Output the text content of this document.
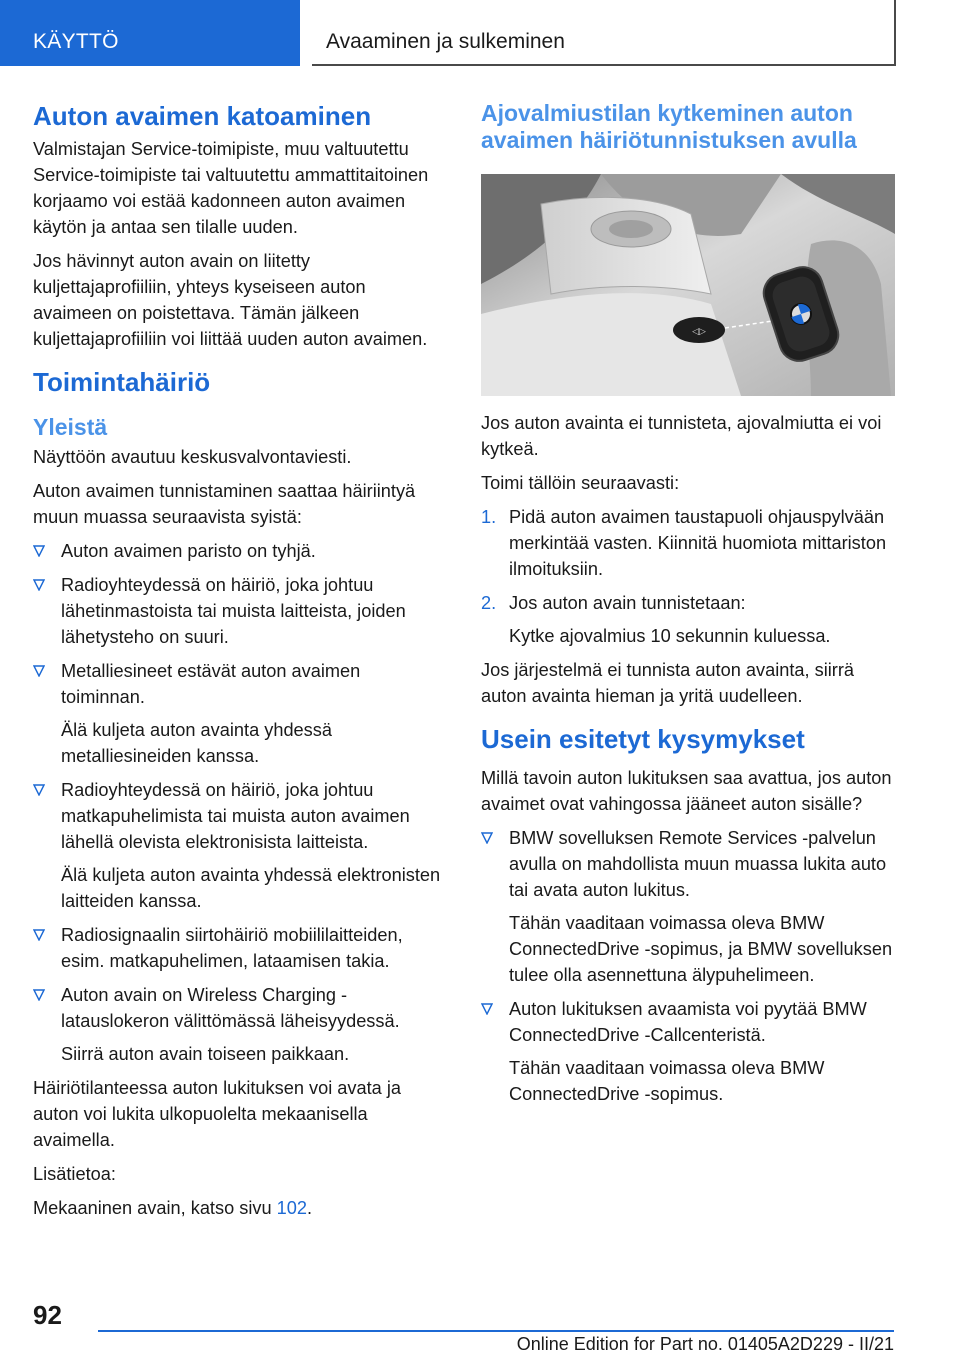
KÄYTTÖ	Avaaminen ja sulkeminen
Auton avaimen katoaminen

Valmistajan Service-toimipiste, muu valtuutettu Service-toimipiste tai valtuutettu ammattitaitoinen korjaamo voi estää kadonneen auton avaimen käytön ja antaa sen tilalle uuden.

Jos hävinnyt auton avain on liitetty kuljettajaprofiiliin, yhteys kyseiseen auton avaimeen on poistettava. Tämän jälkeen kuljettajaprofiiliin voi liittää uuden auton avaimen.

Toimintahäiriö
Yleistä

Näyttöön avautuu keskusvalvontaviesti.

Auton avaimen tunnistaminen saattaa häiriintyä muun muassa seuraavista syistä:

Auton avaimen paristo on tyhjä.
Radioyhteydessä on häiriö, joka johtuu lähetinmastoista tai muista laitteista, joiden lähetysteho on suuri.
Metalliesineet estävät auton avaimen toiminnan.
Älä kuljeta auton avainta yhdessä metalliesineiden kanssa.
Radioyhteydessä on häiriö, joka johtuu matkapuhelimista tai muista auton avaimen lähellä olevista elektronisista laitteista.
Älä kuljeta auton avainta yhdessä elektronisten laitteiden kanssa.
Radiosignaalin siirtohäiriö mobiililaitteiden, esim. matkapuhelimen, lataamisen takia.
Auton avain on Wireless Charging -latauslokeron välittömässä läheisyydessä.
Siirrä auton avain toiseen paikkaan.

Häiriötilanteessa auton lukituksen voi avata ja auton voi lukita ulkopuolelta mekaanisella avaimella.

Lisätietoa:

Mekaaninen avain, katso sivu 102.

Ajovalmiustilan kytkeminen auton avaimen häiriötunnistuksen avulla
◁▷

Jos auton avainta ei tunnisteta, ajovalmiutta ei voi kytkeä.

Toimi tällöin seuraavasti:

1. Pidä auton avaimen taustapuoli ohjauspylvään merkintää vasten. Kiinnitä huomiota mittariston ilmoituksiin.
2. Jos auton avain tunnistetaan:
Kytke ajovalmius 10 sekunnin kuluessa.

Jos järjestelmä ei tunnista auton avainta, siirrä auton avainta hieman ja yritä uudelleen.

Usein esitetyt kysymykset

Millä tavoin auton lukituksen saa avattua, jos auton avaimet ovat vahingossa jääneet auton sisälle?

BMW sovelluksen Remote Services -palvelun avulla on mahdollista muun muassa lukita auto tai avata auton lukitus.
Tähän vaaditaan voimassa oleva BMW ConnectedDrive -sopimus, ja BMW sovelluksen tulee olla asennettuna älypuhelimeen.
Auton lukituksen avaamista voi pyytää BMW ConnectedDrive -Callcenteristä.
Tähän vaaditaan voimassa oleva BMW ConnectedDrive -sopimus.
92
Online Edition for Part no. 01405A2D229 - II/21
